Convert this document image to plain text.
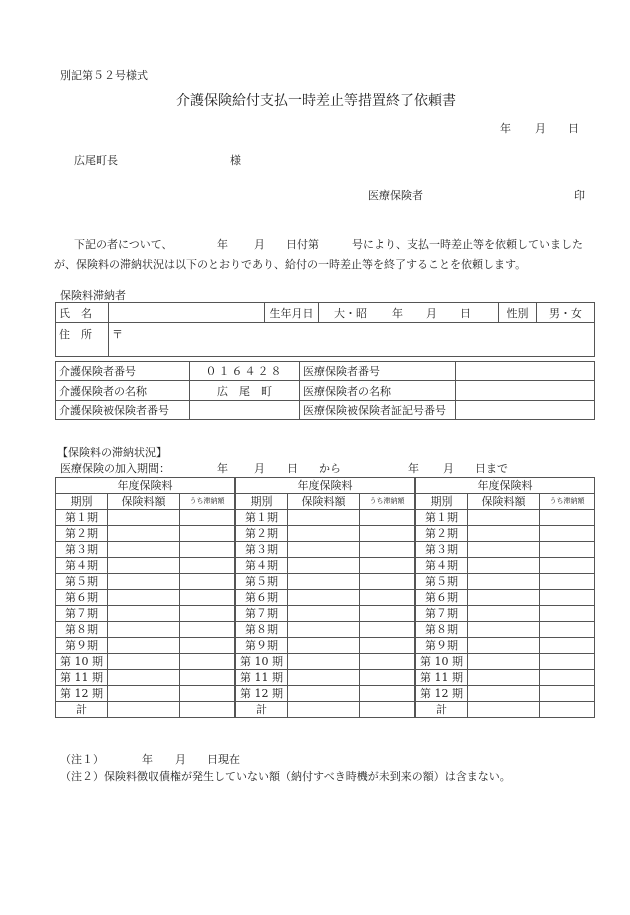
別記第５２号様式
介護保険給付支払一時差止等措置終了依頼書
年 月 日
広尾町長	様
医療保険者	印
下記の者について、	年 月 日付第	号により、支払一時差止等を依頼していました
が、保険料の滞納状況は以下のとおりであり、給付の一時差止等を終了することを依頼します。
保険料滞納者
氏　名		生年月日	大・昭 年 月 日	性別	男・女
住　所	〒				
介護保険者番号	０１６４２８	医療保険者番号	
介護保険者の名称	広　尾　町	医療保険者の名称	
介護保険被保険者番号		医療保険被保険者証記号番号	
【保険料の滞納状況】
医療保険の加入期間：	年 月 日 から	年 月 日まで
年度保険料		
期別	保険料額	うち滞納額
第１期		
第２期		
第３期		
第４期		
第５期		
第６期		
第７期		
第８期		
第９期		
第 10 期		
第 11 期		
第 12 期		
計		
年度保険料		
期別	保険料額	うち滞納額
第１期		
第２期		
第３期		
第４期		
第５期		
第６期		
第７期		
第８期		
第９期		
第 10 期		
第 11 期		
第 12 期		
計		
年度保険料		
期別	保険料額	うち滞納額
第１期		
第２期		
第３期		
第４期		
第５期		
第６期		
第７期		
第８期		
第９期		
第 10 期		
第 11 期		
第 12 期		
計		
（注１）	年 月 日現在
（注２）保険料徴収債権が発生していない額（納付すべき時機が未到来の額）は含まない。
